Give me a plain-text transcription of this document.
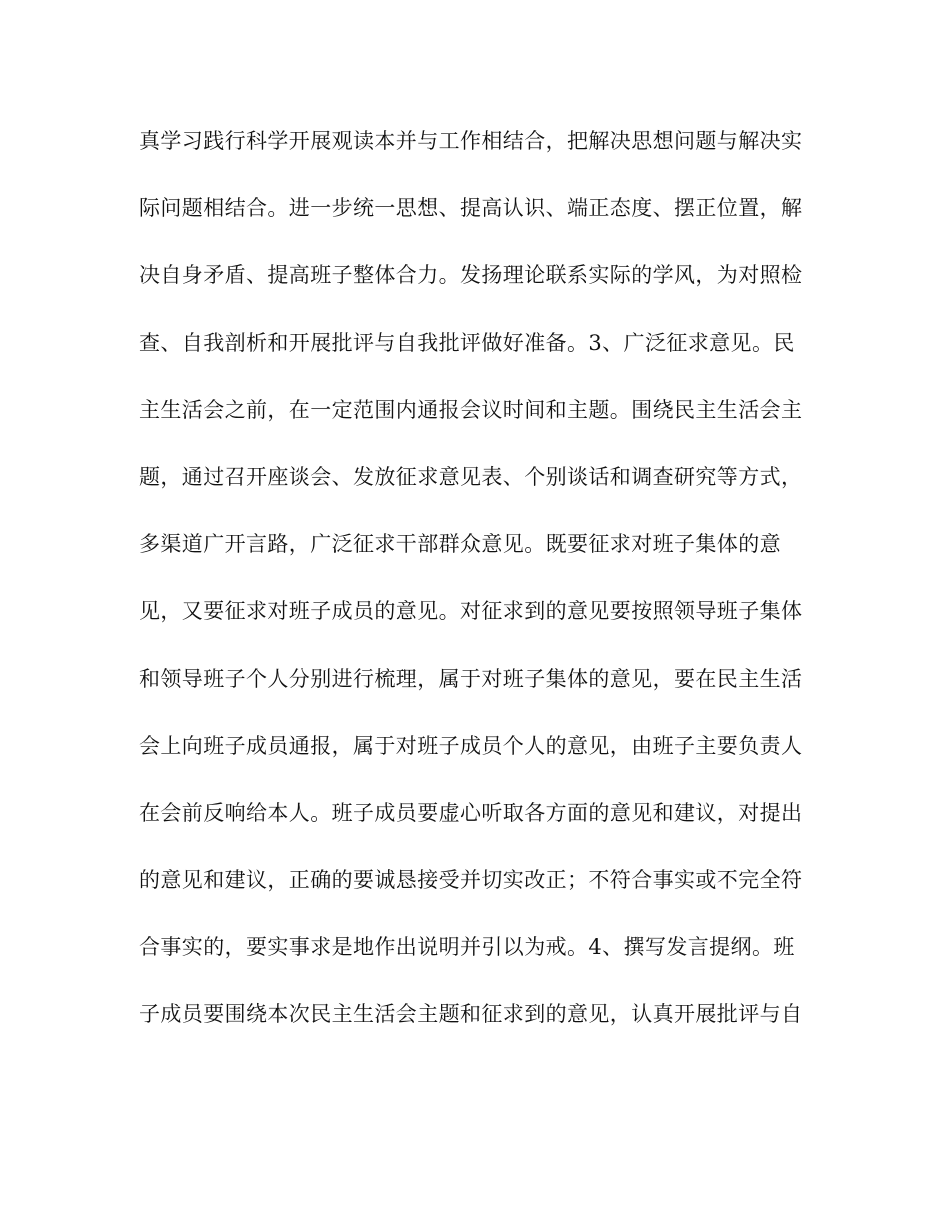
真学习践行科学开展观读本并与工作相结合，把解决思想问题与解决实
际问题相结合。进一步统一思想、提高认识、端正态度、摆正位置，解
决自身矛盾、提高班子整体合力。发扬理论联系实际的学风，为对照检
查、自我剖析和开展批评与自我批评做好准备。3、广泛征求意见。民
主生活会之前，在一定范围内通报会议时间和主题。围绕民主生活会主
题，通过召开座谈会、发放征求意见表、个别谈话和调查研究等方式，
多渠道广开言路，广泛征求干部群众意见。既要征求对班子集体的意
见，又要征求对班子成员的意见。对征求到的意见要按照领导班子集体
和领导班子个人分别进行梳理，属于对班子集体的意见，要在民主生活
会上向班子成员通报，属于对班子成员个人的意见，由班子主要负责人
在会前反响给本人。班子成员要虚心听取各方面的意见和建议，对提出
的意见和建议，正确的要诚恳接受并切实改正；不符合事实或不完全符
合事实的，要实事求是地作出说明并引以为戒。4、撰写发言提纲。班
子成员要围绕本次民主生活会主题和征求到的意见，认真开展批评与自
